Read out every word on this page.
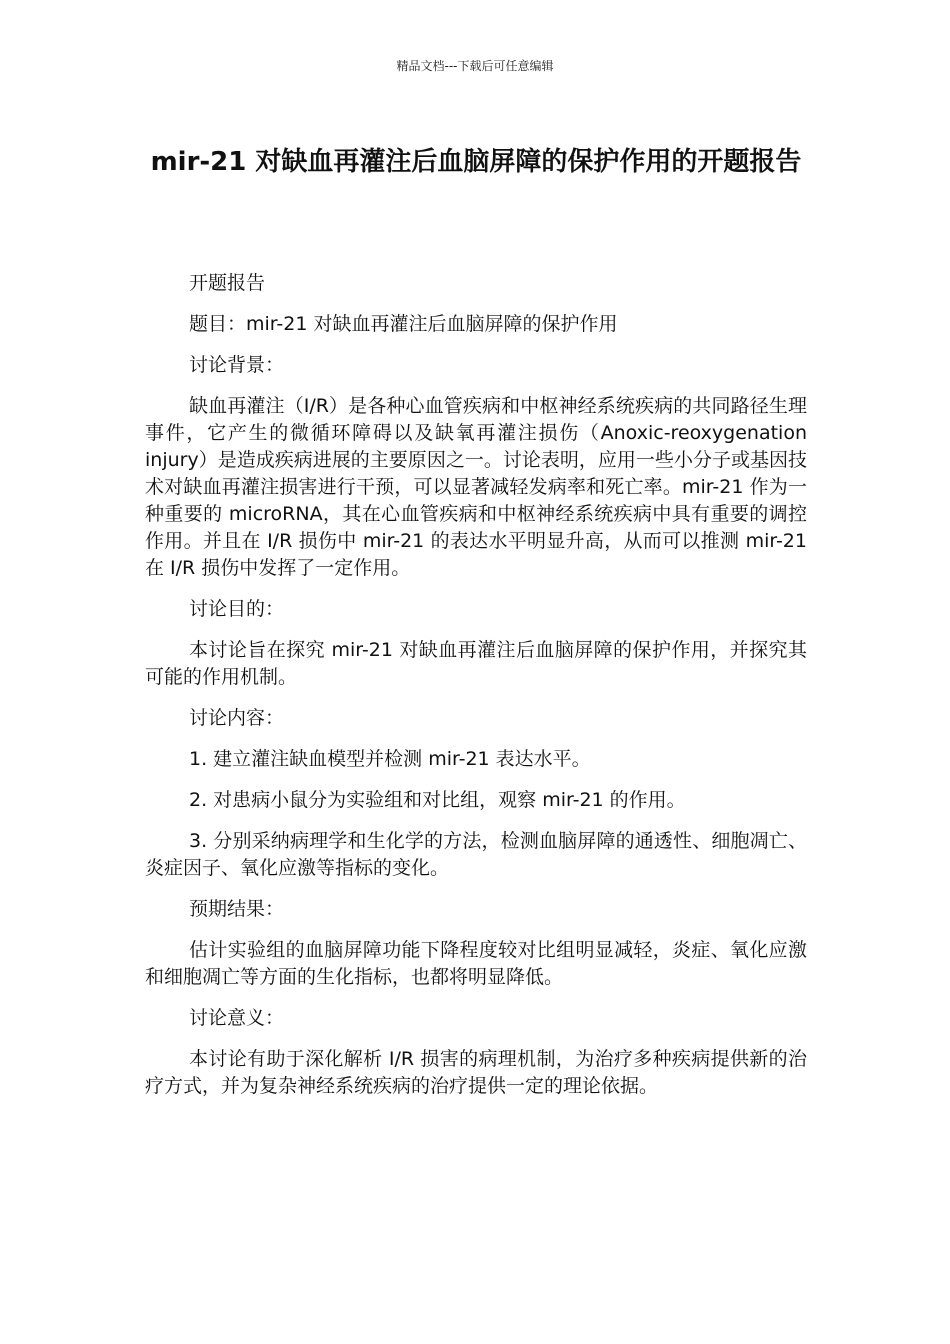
精品文档---下载后可任意编辑
mir-21 对缺血再灌注后血脑屏障的保护作用的开题报告

开题报告

题目：mir-21 对缺血再灌注后血脑屏障的保护作用

讨论背景：

缺血再灌注（I/R）是各种心血管疾病和中枢神经系统疾病的共同路径生理事件，它产生的微循环障碍以及缺氧再灌注损伤（Anoxic-reoxygenation injury）是造成疾病进展的主要原因之一。讨论表明，应用一些小分子或基因技术对缺血再灌注损害进行干预，可以显著减轻发病率和死亡率。mir-21 作为一种重要的 microRNA，其在心血管疾病和中枢神经系统疾病中具有重要的调控作用。并且在 I/R 损伤中 mir-21 的表达水平明显升高，从而可以推测 mir-21 在 I/R 损伤中发挥了一定作用。

讨论目的：

本讨论旨在探究 mir-21 对缺血再灌注后血脑屏障的保护作用，并探究其可能的作用机制。

讨论内容：

1. 建立灌注缺血模型并检测 mir-21 表达水平。

2. 对患病小鼠分为实验组和对比组，观察 mir-21 的作用。

3. 分别采纳病理学和生化学的方法，检测血脑屏障的通透性、细胞凋亡、炎症因子、氧化应激等指标的变化。

预期结果：

估计实验组的血脑屏障功能下降程度较对比组明显减轻，炎症、氧化应激和细胞凋亡等方面的生化指标，也都将明显降低。

讨论意义：

本讨论有助于深化解析 I/R 损害的病理机制，为治疗多种疾病提供新的治疗方式，并为复杂神经系统疾病的治疗提供一定的理论依据。
